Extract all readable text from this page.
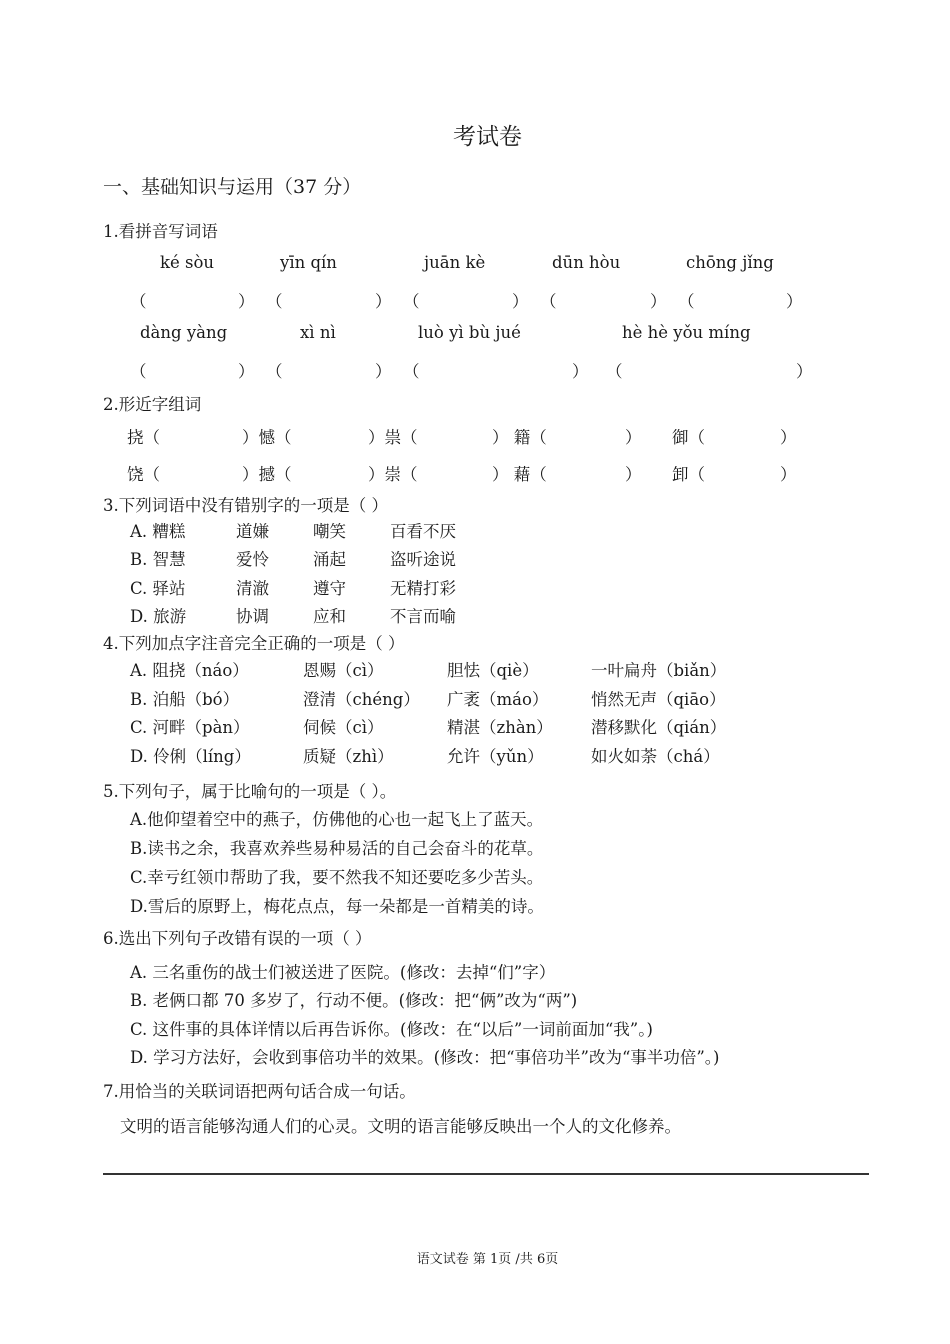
考试卷
一、基础知识与运用（37 分）
1.看拼音写词语
ké sòu	yīn qín	juān kè	dūn hòu	chōng jǐng
（	） （	） （	） （	） （	）
dàng yàng	xì nì	luò yì bù jué	hè hè yǒu míng
（	） （	） （	） （	）
2.形近字组词
挠（	）憾（	）祟（	） 籍（	） 御（	）
饶（	）撼（	）崇（	） 藉（	） 卸（	）
3.下列词语中没有错别字的一项是（ ）
A. 糟糕	道嫌	嘲笑	百看不厌
B. 智慧	爱怜	涌起	盗听途说
C. 驿站	清澈	遵守	无精打彩
D. 旅游	协调	应和	不言而喻
4.下列加点字注音完全正确的一项是（ ）
A. 阻挠（náo）	恩赐（cì）	胆怯（qiè）	一叶扁舟（biǎn）
B. 泊船（bó）	澄清（chéng） 广袤（máo）	悄然无声（qiāo）
C. 河畔（pàn）	伺候（cì）	精湛（zhàn） 潜移默化（qián）
D. 伶俐（líng）	质疑（zhì）	允许（yǔn）	如火如荼（chá）
5.下列句子，属于比喻句的一项是（ ）。
A.他仰望着空中的燕子，仿佛他的心也一起飞上了蓝天。
B.读书之余，我喜欢养些易种易活的自己会奋斗的花草。
C.幸亏红领巾帮助了我，要不然我不知还要吃多少苦头。
D.雪后的原野上，梅花点点，每一朵都是一首精美的诗。
6.选出下列句子改错有误的一项（ ）
A. 三名重伤的战士们被送进了医院。(修改：去掉“们”字）
B. 老俩口都 70 多岁了，行动不便。(修改：把“俩”改为“两”)
C. 这件事的具体详情以后再告诉你。(修改：在“以后”一词前面加“我”。)
D. 学习方法好，会收到事倍功半的效果。(修改：把“事倍功半”改为“事半功倍”。)
7.用恰当的关联词语把两句话合成一句话。
文明的语言能够沟通人们的心灵。文明的语言能够反映出一个人的文化修养。
语文试卷 第 1页 /共 6页
